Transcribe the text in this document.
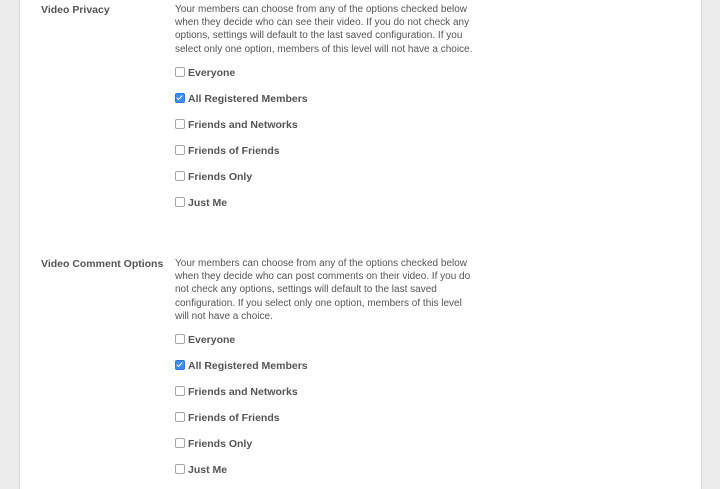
Video Privacy	Your members can choose from any of the options checked below when they decide who can see their video. If you do not check any options, settings will default to the last saved configuration. If you select only one option, members of this level will not have a choice.
Everyone
All Registered Members
Friends and Networks
Friends of Friends
Friends Only
Just Me
Video Comment Options Your members can choose from any of the options checked below when they decide who can post comments on their video. If you do not check any options, settings will default to the last saved configuration. If you select only one option, members of this level will not have a choice.
Everyone
All Registered Members
Friends and Networks
Friends of Friends
Friends Only
Just Me
